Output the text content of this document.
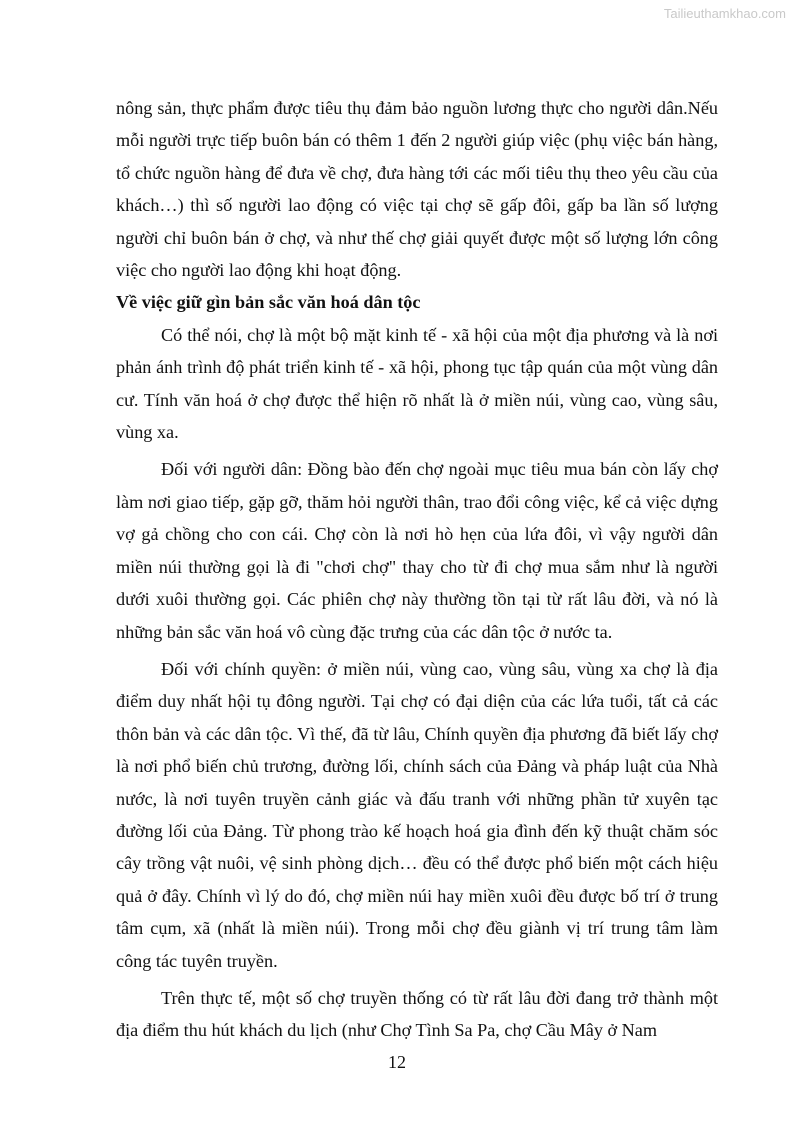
Tailieuthamkhao.com

nông sản, thực phẩm được tiêu thụ đảm bảo nguồn lương thực cho người dân.Nếu mỗi người trực tiếp buôn bán có thêm 1 đến 2 người giúp việc (phụ việc bán hàng, tổ chức nguồn hàng để đưa về chợ, đưa hàng tới các mối tiêu thụ theo yêu cầu của khách…) thì số người lao động có việc tại chợ sẽ gấp đôi, gấp ba lần số lượng người chỉ buôn bán ở chợ, và như thế chợ giải quyết được một số lượng lớn công việc cho người lao động khi hoạt động.

Về việc giữ gìn bản sắc văn hoá dân tộc

Có thể nói, chợ là một bộ mặt kinh tế - xã hội của một địa phương và là nơi phản ánh trình độ phát triển kinh tế - xã hội, phong tục tập quán của một vùng dân cư. Tính văn hoá ở chợ được thể hiện rõ nhất là ở miền núi, vùng cao, vùng sâu, vùng xa.

Đối với người dân: Đồng bào đến chợ ngoài mục tiêu mua bán còn lấy chợ làm nơi giao tiếp, gặp gỡ, thăm hỏi người thân, trao đổi công việc, kể cả việc dựng vợ gả chồng cho con cái. Chợ còn là nơi hò hẹn của lứa đôi, vì vậy người dân miền núi thường gọi là đi "chơi chợ" thay cho từ đi chợ mua sắm như là người dưới xuôi thường gọi. Các phiên chợ này thường tồn tại từ rất lâu đời, và nó là những bản sắc văn hoá vô cùng đặc trưng của các dân tộc ở nước ta.

Đối với chính quyền: ở miền núi, vùng cao, vùng sâu, vùng xa chợ là địa điểm duy nhất hội tụ đông người. Tại chợ có đại diện của các lứa tuổi, tất cả các thôn bản và các dân tộc. Vì thế, đã từ lâu, Chính quyền địa phương đã biết lấy chợ là nơi phổ biến chủ trương, đường lối, chính sách của Đảng và pháp luật của Nhà nước, là nơi tuyên truyền cảnh giác và đấu tranh với những phần tử xuyên tạc đường lối của Đảng. Từ phong trào kế hoạch hoá gia đình đến kỹ thuật chăm sóc cây trồng vật nuôi, vệ sinh phòng dịch… đều có thể được phổ biến một cách hiệu quả ở đây. Chính vì lý do đó, chợ miền núi hay miền xuôi đều được bố trí ở trung tâm cụm, xã (nhất là miền núi). Trong mỗi chợ đều giành vị trí trung tâm làm công tác tuyên truyền.

Trên thực tế, một số chợ truyền thống có từ rất lâu đời đang trở thành một địa điểm thu hút khách du lịch (như Chợ Tình Sa Pa, chợ Cầu Mây ở Nam

12
